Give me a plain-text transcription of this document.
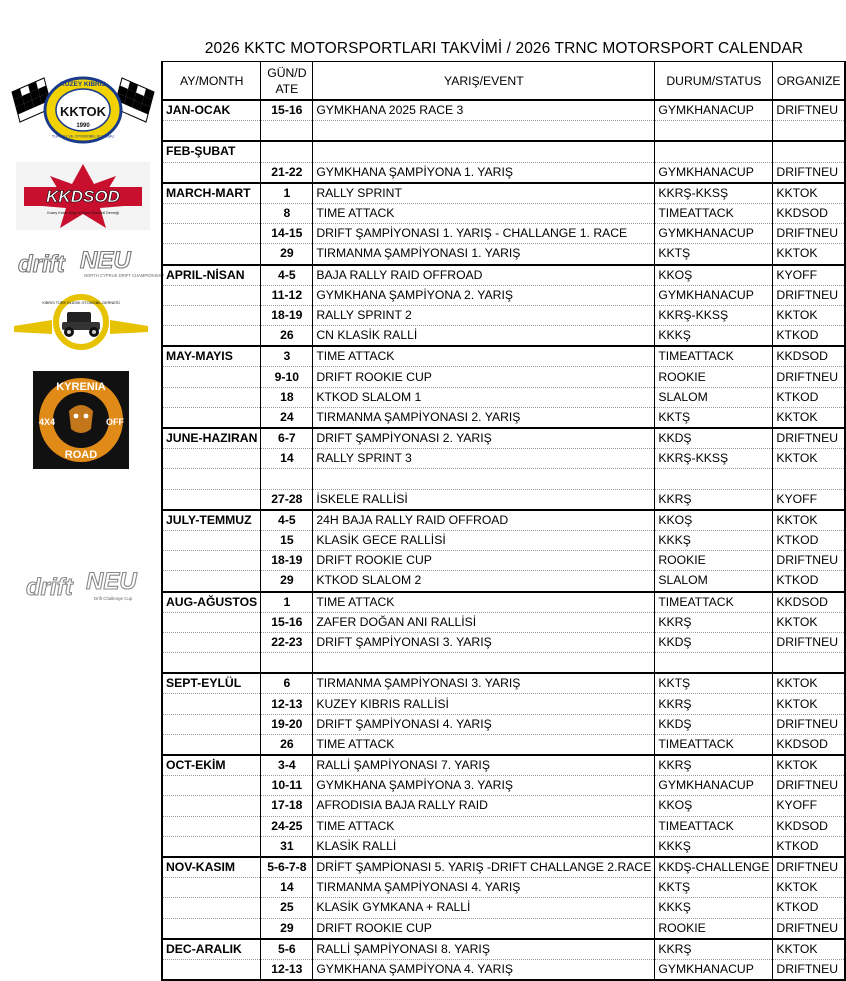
2026 KKTC MOTORSPORTLARI TAKVİMİ / 2026 TRNC MOTORSPORT CALENDAR
KUZEY KIBRIS
KKTOK
1990
TURING VE OTOMOBİL KURUMU
KKDSOD
Kuzey Kıbrıs Drag ve Spor Otomobil Derneği
drift NEU
NORTH CYPRUS DRIFT CHAMPIONSHIP
KIBRIS TÜRK KLASİK OTOMOBİL DERNEĞİ
KYRENIA
4X4	OFF
ROAD
drift NEU
Drift Challenge Cup
AY/MONTH	GÜN/DATE	YARIŞ/EVENT	DURUM/STATUS	ORGANIZE
JAN-OCAK	15-16	GYMKHANA 2025 RACE 3	GYMKHANACUP	DRIFTNEU

FEB-ŞUBAT				
	21-22	GYMKHANA ŞAMPİYONA 1. YARIŞ	GYMKHANACUP	DRIFTNEU
MARCH-MART	1	RALLY SPRINT	KKRŞ-KKSŞ	KKTOK
	8	TIME ATTACK	TIMEATTACK	KKDSOD
	14-15	DRIFT ŞAMPİYONASI 1. YARIŞ - CHALLANGE 1. RACE	GYMKHANACUP	DRIFTNEU
	29	TIRMANMA ŞAMPİYONASI 1. YARIŞ	KKTŞ	KKTOK
APRIL-NİSAN	4-5	BAJA RALLY RAID OFFROAD	KKOŞ	KYOFF
	11-12	GYMKHANA ŞAMPİYONA 2. YARIŞ	GYMKHANACUP	DRIFTNEU
	18-19	RALLY SPRINT 2	KKRŞ-KKSŞ	KKTOK
	26	CN KLASİK RALLİ	KKKŞ	KTKOD
MAY-MAYIS	3	TIME ATTACK	TIMEATTACK	KKDSOD
	9-10	DRIFT ROOKIE CUP	ROOKIE	DRIFTNEU
	18	KTKOD SLALOM 1	SLALOM	KTKOD
	24	TIRMANMA ŞAMPİYONASI 2. YARIŞ	KKTŞ	KKTOK
JUNE-HAZIRAN	6-7	DRIFT ŞAMPİYONASI 2. YARIŞ	KKDŞ	DRIFTNEU
	14	RALLY SPRINT 3	KKRŞ-KKSŞ	KKTOK

	27-28	İSKELE RALLİSİ	KKRŞ	KYOFF
JULY-TEMMUZ	4-5	24H BAJA RALLY RAID OFFROAD	KKOŞ	KKTOK
	15	KLASİK GECE RALLİSİ	KKKŞ	KTKOD
	18-19	DRIFT ROOKIE CUP	ROOKIE	DRIFTNEU
	29	KTKOD SLALOM 2	SLALOM	KTKOD
AUG-AĞUSTOS	1	TIME ATTACK	TIMEATTACK	KKDSOD
	15-16	ZAFER DOĞAN ANI RALLİSİ	KKRŞ	KKTOK
	22-23	DRIFT ŞAMPİYONASI 3. YARIŞ	KKDŞ	DRIFTNEU

SEPT-EYLÜL	6	TIRMANMA ŞAMPİYONASI 3. YARIŞ	KKTŞ	KKTOK
	12-13	KUZEY KIBRIS RALLİSİ	KKRŞ	KKTOK
	19-20	DRIFT ŞAMPİYONASI 4. YARIŞ	KKDŞ	DRIFTNEU
	26	TIME ATTACK	TIMEATTACK	KKDSOD
OCT-EKİM	3-4	RALLİ ŞAMPİYONASI 7. YARIŞ	KKRŞ	KKTOK
	10-11	GYMKHANA ŞAMPİYONA 3. YARIŞ	GYMKHANACUP	DRIFTNEU
	17-18	AFRODISIA BAJA RALLY RAID	KKOŞ	KYOFF
	24-25	TIME ATTACK	TIMEATTACK	KKDSOD
	31	KLASİK RALLİ	KKKŞ	KTKOD
NOV-KASIM	5-6-7-8	DRİFT ŞAMPİONASI 5. YARIŞ -DRIFT CHALLANGE 2.RACE	KKDŞ-CHALLENGE	DRIFTNEU
	14	TIRMANMA ŞAMPİYONASI 4. YARIŞ	KKTŞ	KKTOK
	25	KLASİK GYMKANA + RALLİ	KKKŞ	KTKOD
	29	DRIFT ROOKIE CUP	ROOKIE	DRIFTNEU
DEC-ARALIK	5-6	RALLİ ŞAMPİYONASI 8. YARIŞ	KKRŞ	KKTOK
	12-13	GYMKHANA ŞAMPİYONA 4. YARIŞ	GYMKHANACUP	DRIFTNEU
